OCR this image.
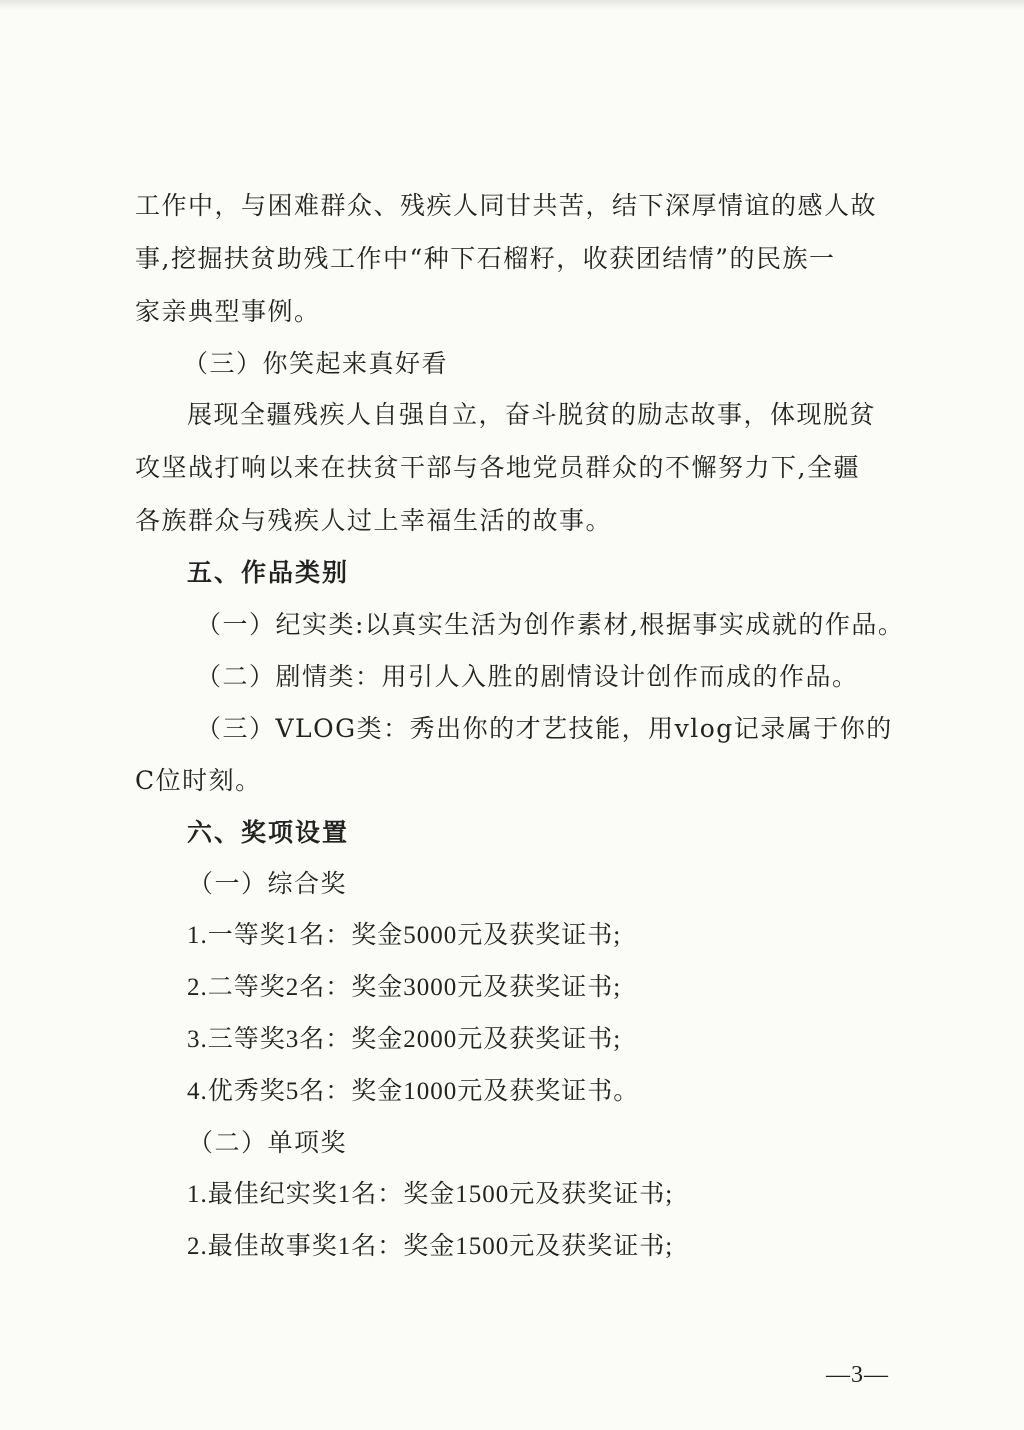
工作中，与困难群众、残疾人同甘共苦，结下深厚情谊的感人故
事,挖掘扶贫助残工作中“种下石榴籽，收获团结情”的民族一
家亲典型事例。
（三）你笑起来真好看
展现全疆残疾人自强自立，奋斗脱贫的励志故事，体现脱贫
攻坚战打响以来在扶贫干部与各地党员群众的不懈努力下,全疆
各族群众与残疾人过上幸福生活的故事。
五、作品类别
（一）纪实类:以真实生活为创作素材,根据事实成就的作品。
（二）剧情类：用引人入胜的剧情设计创作而成的作品。
（三）VLOG类：秀出你的才艺技能，用vlog记录属于你的
C位时刻。
六、奖项设置
（一）综合奖
1.一等奖1名：奖金5000元及获奖证书;
2.二等奖2名：奖金3000元及获奖证书;
3.三等奖3名：奖金2000元及获奖证书;
4.优秀奖5名：奖金1000元及获奖证书。
（二）单项奖
1.最佳纪实奖1名：奖金1500元及获奖证书;
2.最佳故事奖1名：奖金1500元及获奖证书;
—3—
